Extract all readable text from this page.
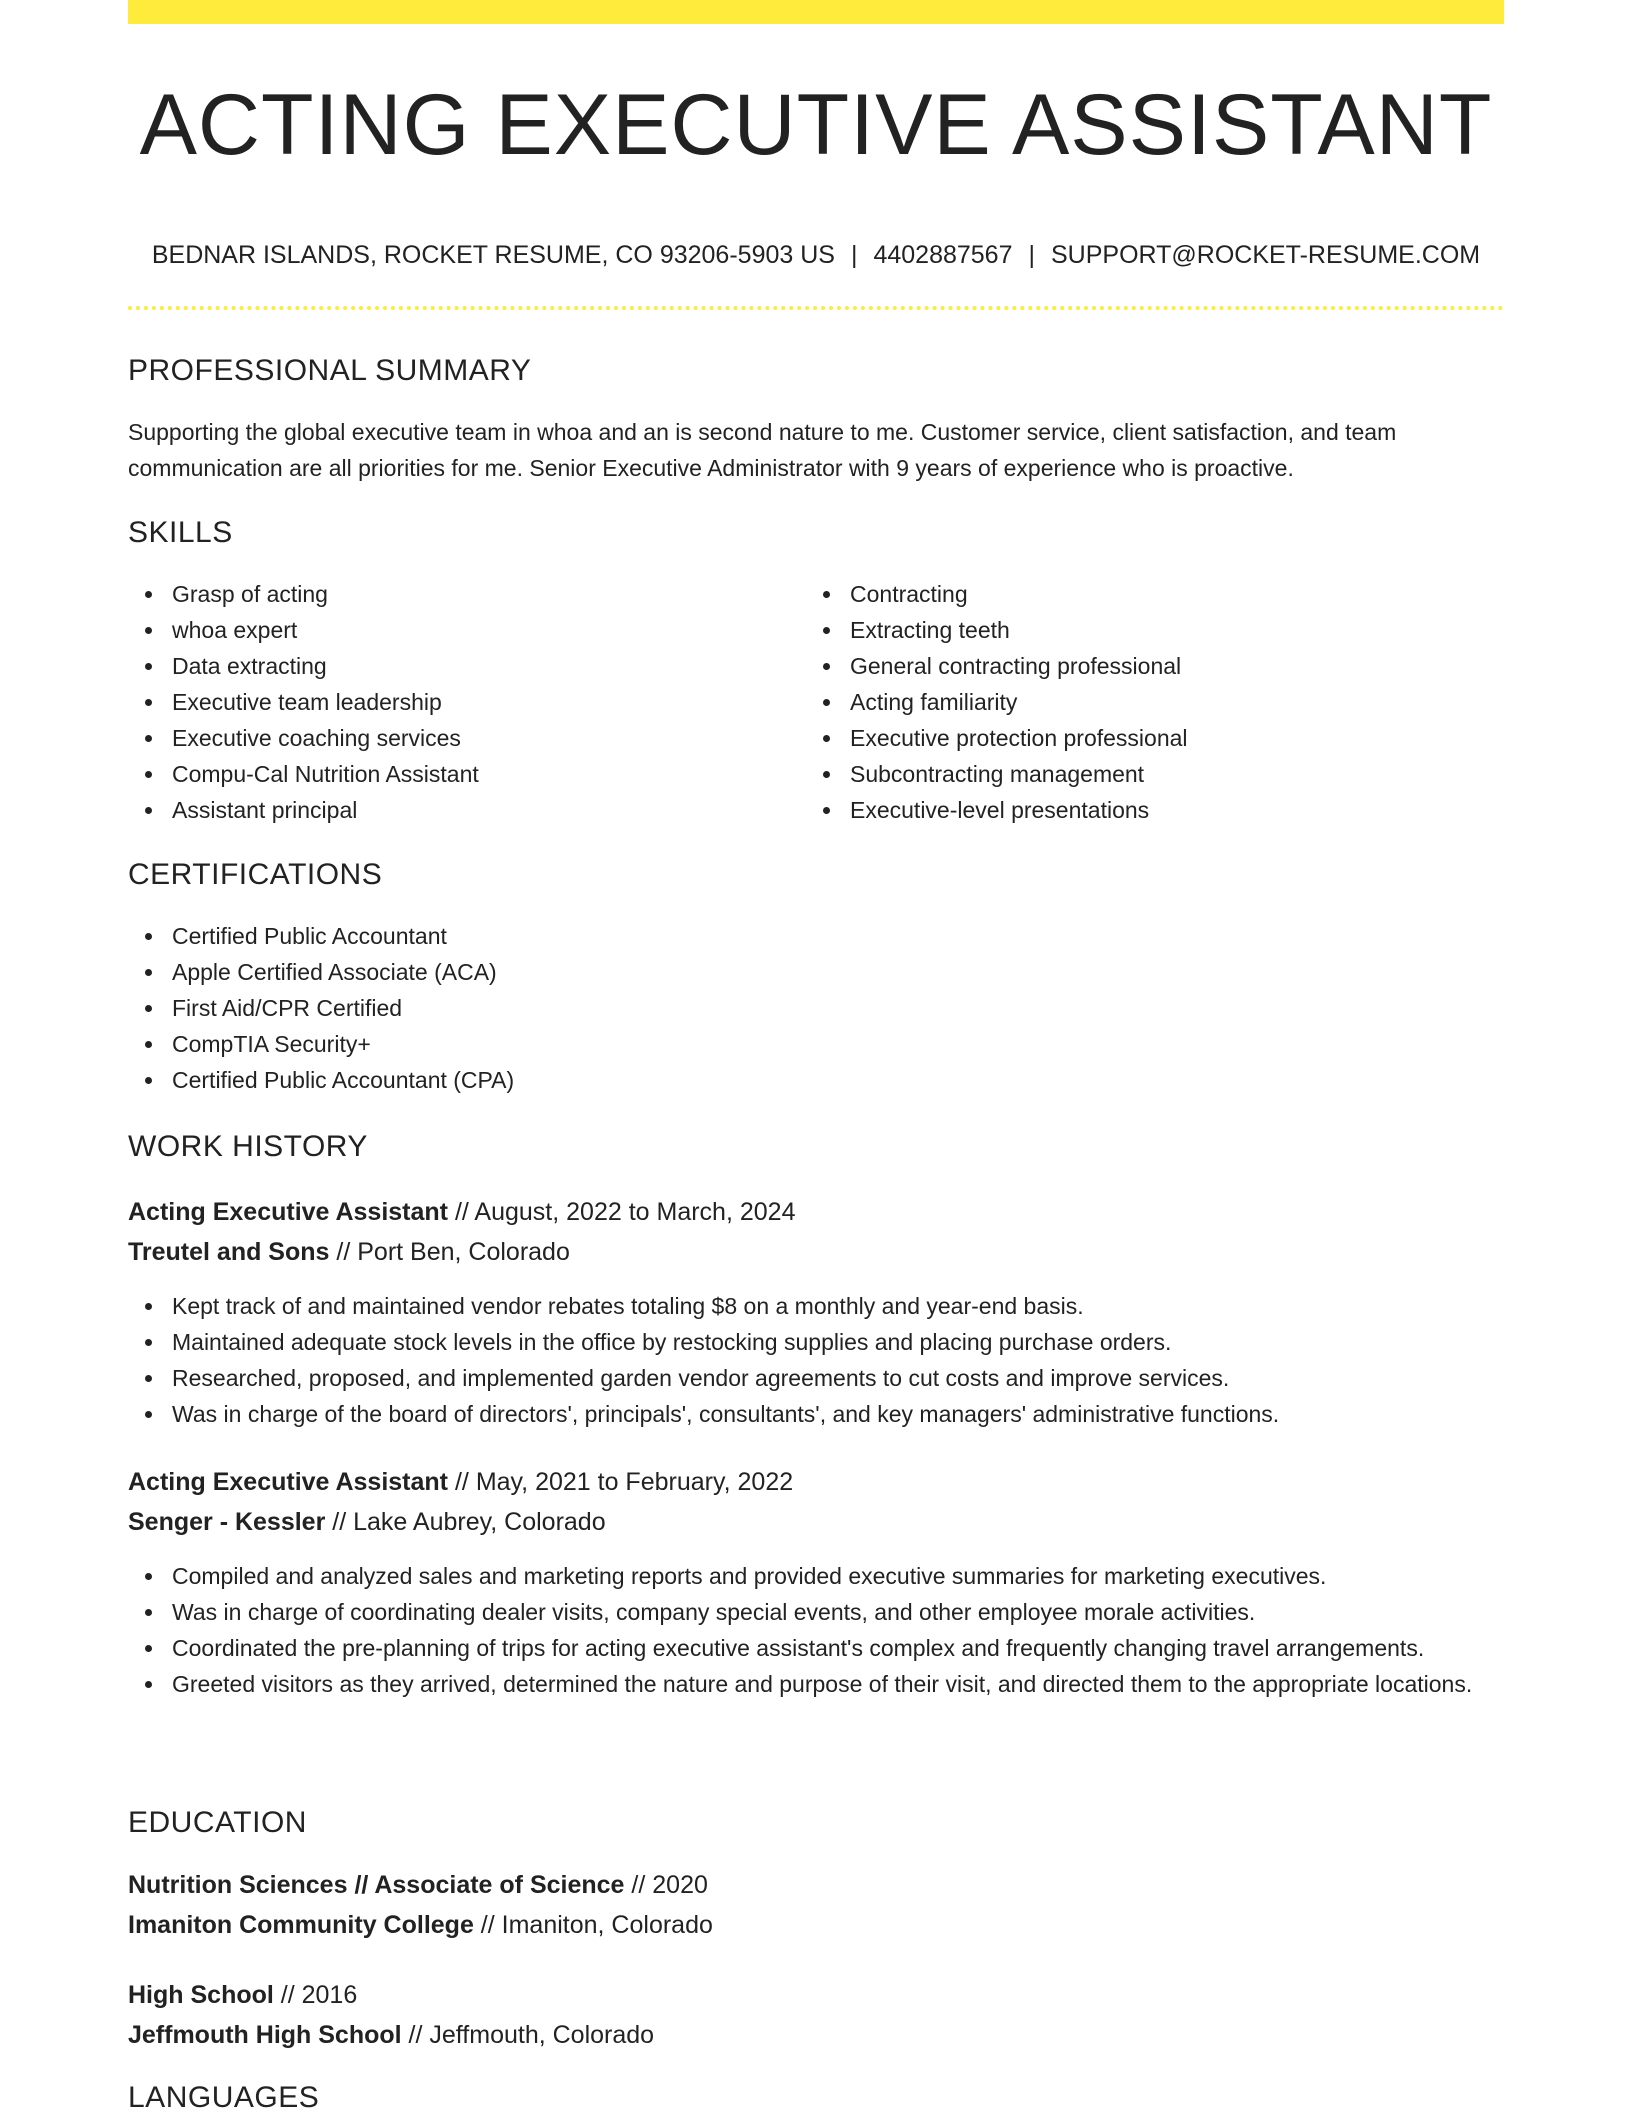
ACTING EXECUTIVE ASSISTANT
BEDNAR ISLANDS, ROCKET RESUME, CO 93206-5903 US | 4402887567 | SUPPORT@ROCKET-RESUME.COM
PROFESSIONAL SUMMARY

Supporting the global executive team in whoa and an is second nature to me. Customer service, client satisfaction, and team communication are all priorities for me. Senior Executive Administrator with 9 years of experience who is proactive.

SKILLS
Grasp of acting
whoa expert
Data extracting
Executive team leadership
Executive coaching services
Compu-Cal Nutrition Assistant
Assistant principal
Contracting
Extracting teeth
General contracting professional
Acting familiarity
Executive protection professional
Subcontracting management
Executive-level presentations
CERTIFICATIONS
Certified Public Accountant
Apple Certified Associate (ACA)
First Aid/CPR Certified
CompTIA Security+
Certified Public Accountant (CPA)
WORK HISTORY
Acting Executive Assistant // August, 2022 to March, 2024
Treutel and Sons // Port Ben, Colorado
Kept track of and maintained vendor rebates totaling $8 on a monthly and year-end basis.
Maintained adequate stock levels in the office by restocking supplies and placing purchase orders.
Researched, proposed, and implemented garden vendor agreements to cut costs and improve services.
Was in charge of the board of directors', principals', consultants', and key managers' administrative functions.
Acting Executive Assistant // May, 2021 to February, 2022
Senger - Kessler // Lake Aubrey, Colorado
Compiled and analyzed sales and marketing reports and provided executive summaries for marketing executives.
Was in charge of coordinating dealer visits, company special events, and other employee morale activities.
Coordinated the pre-planning of trips for acting executive assistant's complex and frequently changing travel arrangements.
Greeted visitors as they arrived, determined the nature and purpose of their visit, and directed them to the appropriate locations.
EDUCATION
Nutrition Sciences // Associate of Science // 2020
Imaniton Community College // Imaniton, Colorado
High School // 2016
Jeffmouth High School // Jeffmouth, Colorado
LANGUAGES
